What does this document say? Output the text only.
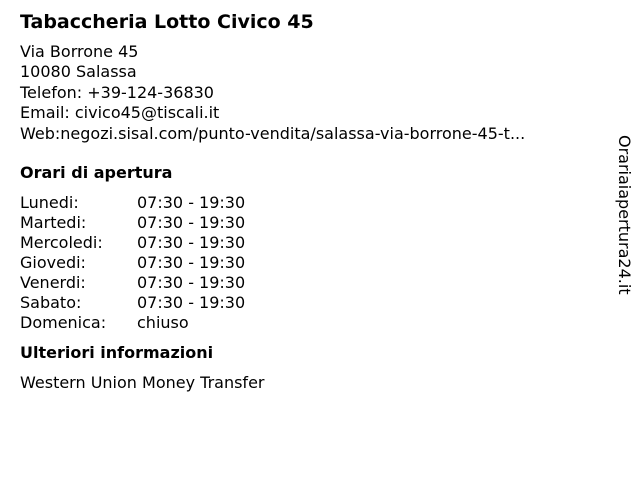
Tabaccheria Lotto Civico 45
Via Borrone 45
10080 Salassa
Telefon: +39-124-36830
Email: civico45@tiscali.it
Web: negozi.sisal.com/punto-vendita/salassa-via-borrone-45-t...
Orari di apertura
Lunedi:	07:30 - 19:30
Martedi:	07:30 - 19:30
Mercoledi:	07:30 - 19:30
Giovedi:	07:30 - 19:30
Venerdi:	07:30 - 19:30
Sabato:	07:30 - 19:30
Domenica:	chiuso
Ulteriori informazioni
Western Union Money Transfer
Orariaiapertura24.it
